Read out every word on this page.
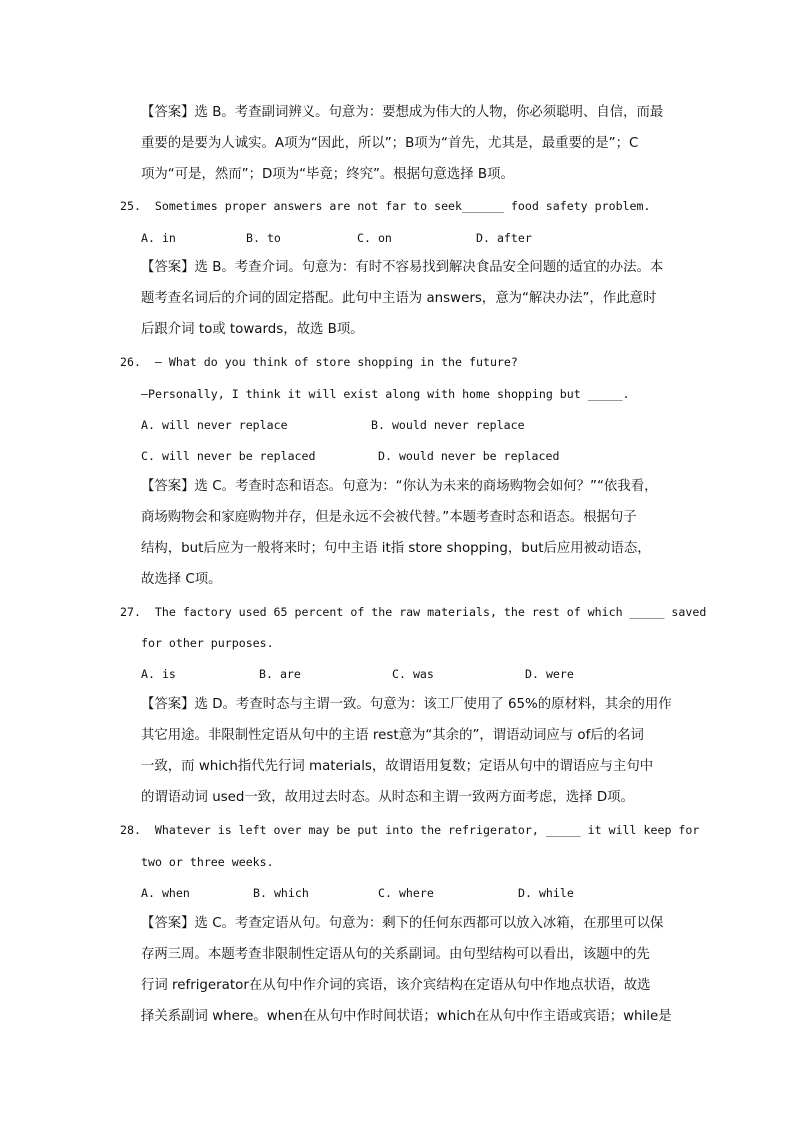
【答案】选 B。考查副词辨义。句意为：要想成为伟大的人物，你必须聪明、自信，而最
重要的是要为人诚实。A项为“因此，所以”；B项为“首先，尤其是，最重要的是”；C
项为“可是，然而”；D项为“毕竟；终究”。根据句意选择 B项。
25.  Sometimes proper answers are not far to seek______ food safety problem.
A. in	B. to	C. on	D. after
【答案】选 B。考查介词。句意为：有时不容易找到解决食品安全问题的适宜的办法。本
题考查名词后的介词的固定搭配。此句中主语为 answers，意为“解决办法”，作此意时
后跟介词 to或 towards，故选 B项。
26.  — What do you think of store shopping in the future?
—Personally, I think it will exist along with home shopping but _____.
A. will never replace	B. would never replace
C. will never be replaced	D. would never be replaced
【答案】选 C。考查时态和语态。句意为：“你认为未来的商场购物会如何？”“依我看，
商场购物会和家庭购物并存，但是永远不会被代替。”本题考查时态和语态。根据句子
结构，but后应为一般将来时；句中主语 it指 store shopping，but后应用被动语态，
故选择 C项。
27.  The factory used 65 percent of the raw materials, the rest of which _____ saved
for other purposes.
A. is	B. are	C. was	D. were
【答案】选 D。考查时态与主谓一致。句意为：该工厂使用了 65%的原材料，其余的用作
其它用途。非限制性定语从句中的主语 rest意为“其余的”，谓语动词应与 of后的名词
一致，而 which指代先行词 materials，故谓语用复数；定语从句中的谓语应与主句中
的谓语动词 used一致，故用过去时态。从时态和主谓一致两方面考虑，选择 D项。
28.  Whatever is left over may be put into the refrigerator, _____ it will keep for
two or three weeks.
A. when	B. which	C. where	D. while
【答案】选 C。考查定语从句。句意为：剩下的任何东西都可以放入冰箱，在那里可以保
存两三周。本题考查非限制性定语从句的关系副词。由句型结构可以看出，该题中的先
行词 refrigerator在从句中作介词的宾语，该介宾结构在定语从句中作地点状语，故选
择关系副词 where。when在从句中作时间状语；which在从句中作主语或宾语；while是
